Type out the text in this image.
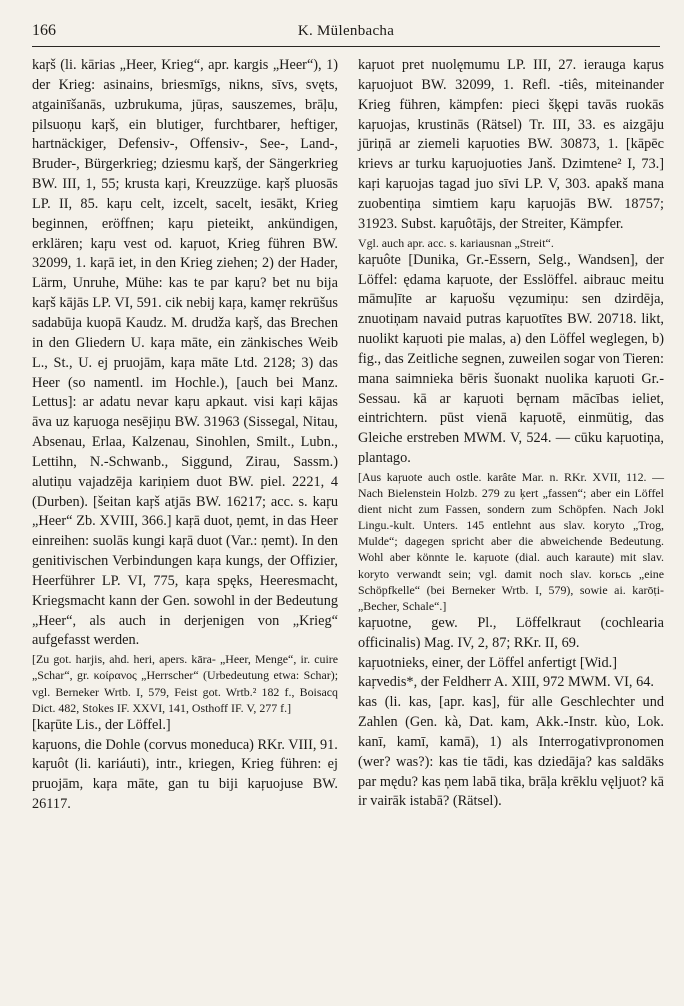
166	K. Mülenbacha

kaŗš (li. kārias „Heer, Krieg“, apr. kargis „Heer“), 1) der Krieg: asinains, briesmīgs, nikns, sīvs, svęts, atgainīšanās, uzbrukuma, jūŗas, sauszemes, brāļu, pilsuoņu kaŗš, ein blutiger, furchtbarer, heftiger, hartnäckiger, Defensiv-, Offensiv-, See-, Land-, Bruder-, Bürgerkrieg; dziesmu kaŗš, der Sängerkrieg BW. III, 1, 55; krusta kaŗi, Kreuzzüge. kaŗš pluosās LP. II, 85. kaŗu celt, izcelt, sacelt, iesākt, Krieg beginnen, eröffnen; kaŗu pieteikt, ankündigen, erklären; kaŗu vest od. kaŗuot, Krieg führen BW. 32099, 1. kaŗā iet, in den Krieg ziehen; 2) der Hader, Lärm, Unruhe, Mühe: kas te par kaŗu? bet nu bija kaŗš kājās LP. VI, 591. cik nebij kaŗa, kamęr rekrūšus sadabūja kuopā Kaudz. M. drudža kaŗš, das Brechen in den Gliedern U. kaŗa māte, ein zänkisches Weib L., St., U. ej pruojām, kaŗa māte Ltd. 2128; 3) das Heer (so namentl. im Hochle.), [auch bei Manz. Lettus]: ar adatu nevar kaŗu apkaut. visi kaŗi kājas āva uz kaŗuoga nesējiņu BW. 31963 (Sissegal, Nitau, Absenau, Erlaa, Kalzenau, Sinohlen, Smilt., Lubn., Lettihn, N.-Schwanb., Siggund, Zirau, Sassm.) alutiņu vajadzēja kariņiem duot BW. piel. 2221, 4 (Durben). [šeitan kaŗš atjās BW. 16217; acc. s. kaŗu „Heer“ Zb. XVIII, 366.] kaŗā duot, ņemt, in das Heer einreihen: suolās kungi kaŗā duot (Var.: ņemt). In den genitivischen Verbindungen kaŗa kungs, der Offizier, Heerführer LP. VI, 775, kaŗa spęks, Heeresmacht, Kriegsmacht kann der Gen. sowohl in der Bedeutung „Heer“, als auch in derjenigen von „Krieg“ aufgefasst werden.

[Zu got. harjis, ahd. heri, apers. kāra- „Heer, Menge“, ir. cuire „Schar“, gr. κοίρανος „Herrscher“ (Urbedeutung etwa: Schar); vgl. Berneker Wrtb. I, 579, Feist got. Wrtb.² 182 f., Boisacq Dict. 482, Stokes IF. XXVI, 141, Osthoff IF. V, 277 f.]

[kaŗūte Lis., der Löffel.]

kaŗuons, die Dohle (corvus moneduca) RKr. VIII, 91.

kaŗuôt (li. kariáuti), intr., kriegen, Krieg führen: ej pruojām, kaŗa māte, gan tu biji kaŗuojuse BW. 26117.

kaŗuot pret nuolęmumu LP. III, 27. ierauga kaŗus kaŗuojuot BW. 32099, 1. Refl. -tiês, miteinander Krieg führen, kämpfen: pieci šķępi tavās ruokās kaŗuojas, krustinās (Rätsel) Tr. III, 33. es aizgāju jūriņā ar ziemeli kaŗuoties BW. 30873, 1. [kāpēc krievs ar turku kaŗuojuoties Janš. Dzimtene² I, 73.] kaŗi kaŗuojas tagad juo sīvi LP. V, 303. apakš mana zuobentiņa simtiem kaŗu kaŗuojās BW. 18757; 31923. Subst. kaŗuôtājs, der Streiter, Kämpfer.

Vgl. auch apr. acc. s. kariausnan „Streit“.

kaŗuôte [Dunika, Gr.-Essern, Selg., Wandsen], der Löffel: ędama kaŗuote, der Esslöffel. aibrauc meitu māmuļīte ar kaŗuošu vęzumiņu: sen dzirdēja, znuotiņam navaid putras kaŗuotītes BW. 20718. likt, nuolikt kaŗuoti pie malas, a) den Löffel weglegen, b) fig., das Zeitliche segnen, zuweilen sogar von Tieren: mana saimnieka bēris šuonakt nuolika kaŗuoti Gr.-Sessau. kā ar kaŗuoti bęrnam mācības ieliet, eintrichtern. pūst vienā kaŗuotē, einmütig, das Gleiche erstreben MWM. V, 524. — cūku kaŗuotiņa, plantago.

[Aus kaŗuote auch ostle. karâte Mar. n. RKr. XVII, 112. — Nach Bielenstein Holzb. 279 zu ķert „fassen“; aber ein Löffel dient nicht zum Fassen, sondern zum Schöpfen. Nach Jokl Lingu.-kult. Unters. 145 entlehnt aus slav. koryto „Trog, Mulde“; dagegen spricht aber die abweichende Bedeutung. Wohl aber könnte le. kaŗuote (dial. auch karaute) mit slav. koryto verwandt sein; vgl. damit noch slav. korьcь „eine Schöpfkelle“ (bei Berneker Wrtb. I, 579), sowie ai. karōṭi- „Becher, Schale“.]

kaŗuotne, gew. Pl., Löffelkraut (cochlearia officinalis) Mag. IV, 2, 87; RKr. II, 69.

kaŗuotnieks, einer, der Löffel anfertigt [Wid.]

kaŗvedis*, der Feldherr A. XIII, 972 MWM. VI, 64.

kas (li. kas, [apr. kas], für alle Geschlechter und Zahlen (Gen. kà, Dat. kam, Akk.-Instr. kùo, Lok. kanī, kamī, kamā), 1) als Interrogativpronomen (wer? was?): kas tie tādi, kas dziedāja? kas saldāks par mędu? kas ņem labā tika, brāļa krēklu vęljuot? kā ir vairāk istabā? (Rätsel).
